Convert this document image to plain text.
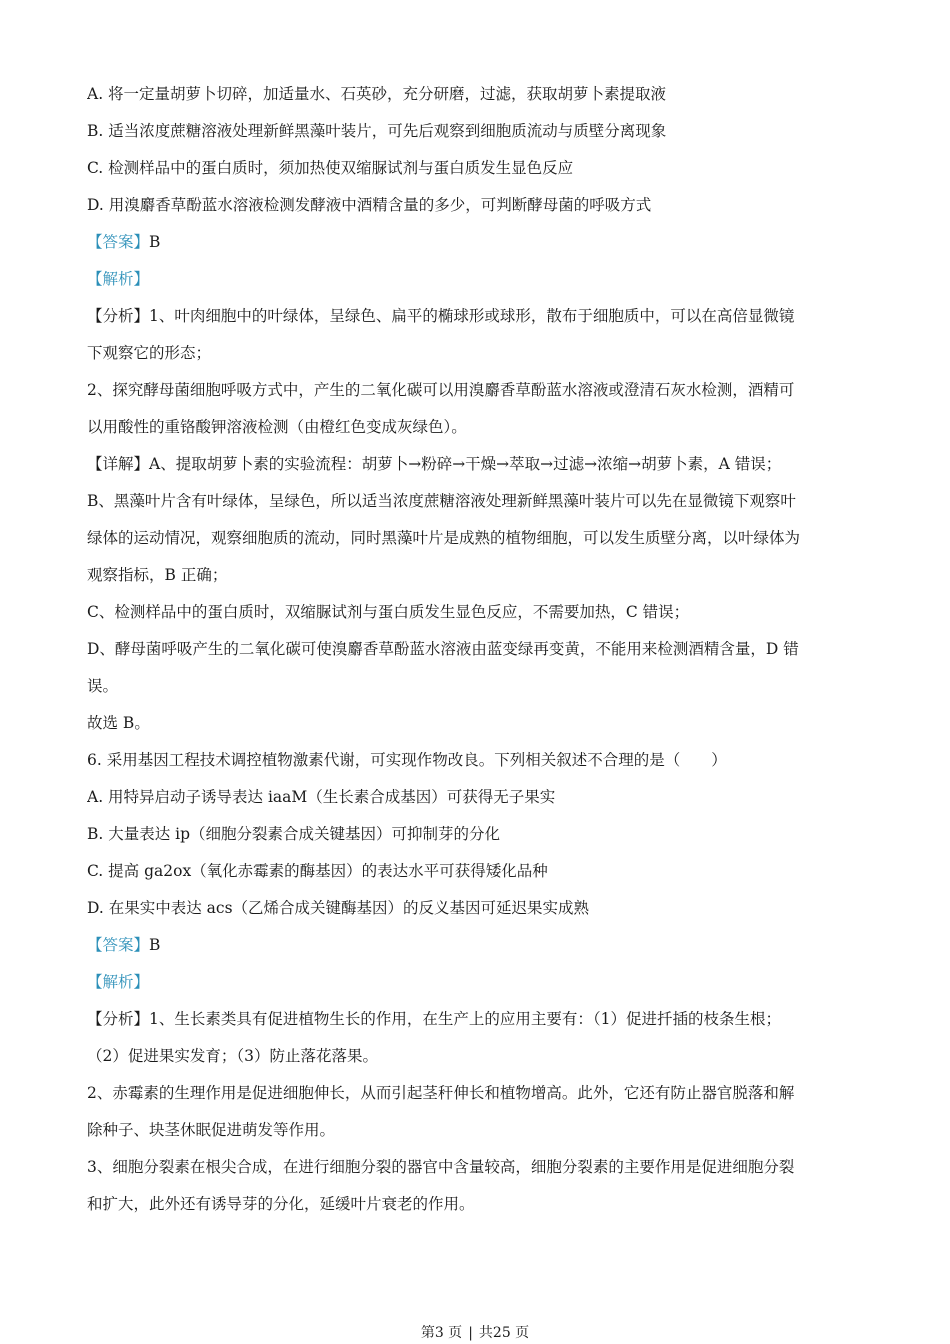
A. 将一定量胡萝卜切碎，加适量水、石英砂，充分研磨，过滤，获取胡萝卜素提取液
B. 适当浓度蔗糖溶液处理新鲜黑藻叶装片，可先后观察到细胞质流动与质壁分离现象
C. 检测样品中的蛋白质时，须加热使双缩脲试剂与蛋白质发生显色反应
D. 用溴麝香草酚蓝水溶液检测发酵液中酒精含量的多少，可判断酵母菌的呼吸方式
【答案】B
【解析】
【分析】1、叶肉细胞中的叶绿体，呈绿色、扁平的椭球形或球形，散布于细胞质中，可以在高倍显微镜
下观察它的形态；
2、探究酵母菌细胞呼吸方式中，产生的二氧化碳可以用溴麝香草酚蓝水溶液或澄清石灰水检测，酒精可
以用酸性的重铬酸钾溶液检测（由橙红色变成灰绿色）。
【详解】A、提取胡萝卜素的实验流程：胡萝卜→粉碎→干燥→萃取→过滤→浓缩→胡萝卜素，A 错误；
B、黑藻叶片含有叶绿体，呈绿色，所以适当浓度蔗糖溶液处理新鲜黑藻叶装片可以先在显微镜下观察叶
绿体的运动情况，观察细胞质的流动，同时黑藻叶片是成熟的植物细胞，可以发生质壁分离，以叶绿体为
观察指标，B 正确；
C、检测样品中的蛋白质时，双缩脲试剂与蛋白质发生显色反应，不需要加热，C 错误；
D、酵母菌呼吸产生的二氧化碳可使溴麝香草酚蓝水溶液由蓝变绿再变黄，不能用来检测酒精含量，D 错
误。
故选 B。
6. 采用基因工程技术调控植物激素代谢，可实现作物改良。下列相关叙述不合理的是（　　）
A. 用特异启动子诱导表达 iaaM（生长素合成基因）可获得无子果实
B. 大量表达 ip（细胞分裂素合成关键基因）可抑制芽的分化
C. 提高 ga2ox（氧化赤霉素的酶基因）的表达水平可获得矮化品种
D. 在果实中表达 acs（乙烯合成关键酶基因）的反义基因可延迟果实成熟
【答案】B
【解析】
【分析】1、生长素类具有促进植物生长的作用，在生产上的应用主要有：（1）促进扦插的枝条生根；
（2）促进果实发育；（3）防止落花落果。
2、赤霉素的生理作用是促进细胞伸长，从而引起茎秆伸长和植物增高。此外，它还有防止器官脱落和解
除种子、块茎休眠促进萌发等作用。
3、细胞分裂素在根尖合成，在进行细胞分裂的器官中含量较高，细胞分裂素的主要作用是促进细胞分裂
和扩大，此外还有诱导芽的分化，延缓叶片衰老的作用。
第3 页 | 共25 页
